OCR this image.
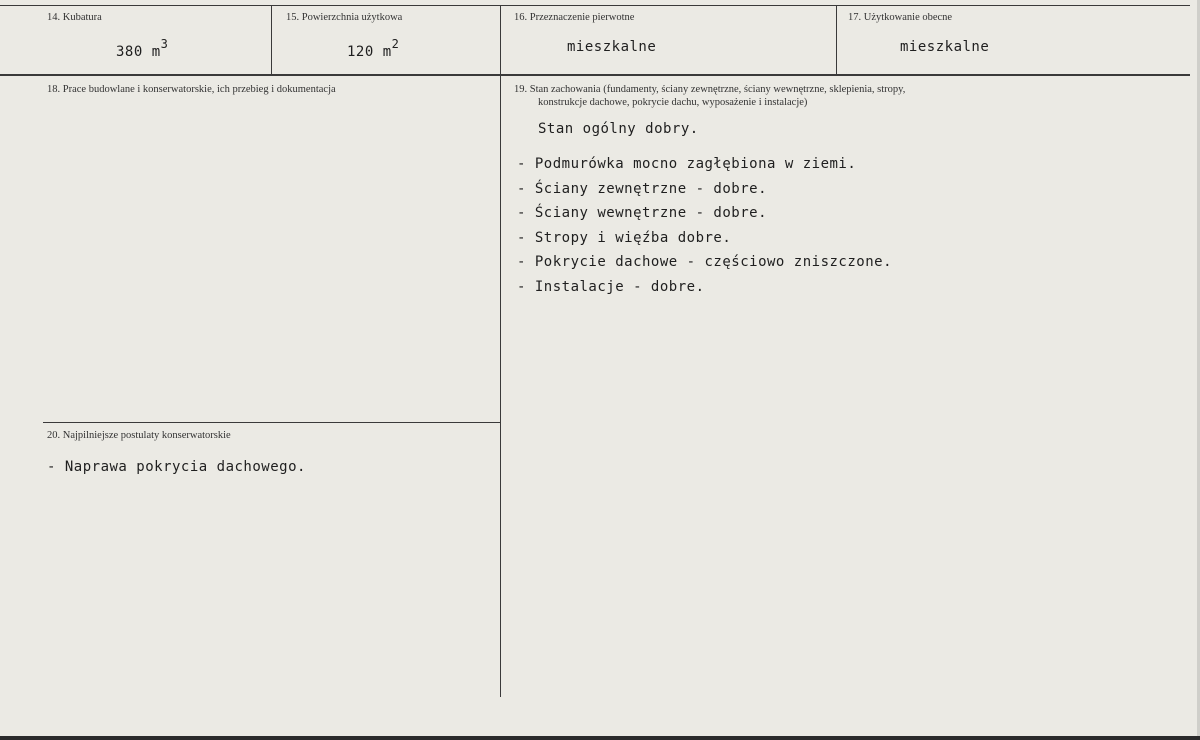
14. Kubatura
380 $m^3$
15. Powierzchnia użytkowa
120 $m^2$
16. Przeznaczenie pierwotne
mieszkalne
17. Użytkowanie obecne
mieszkalne
18. Prace budowlane i konserwatorskie, ich przebieg i dokumentacja	19. Stan zachowania (fundamenty, ściany zewnętrzne, ściany wewnętrzne, sklepienia, stropy,
konstrukcje dachowe, pokrycie dachu, wyposażenie i instalacje)
Stan ogólny dobry.
- Podmurówka mocno zagłębiona w ziemi.
- Ściany zewnętrzne - dobre.
- Ściany wewnętrzne - dobre.
- Stropy i więźba dobre.
- Pokrycie dachowe - częściowo zniszczone.
- Instalacje - dobre.
20. Najpilniejsze postulaty konserwatorskie
- Naprawa pokrycia dachowego.
